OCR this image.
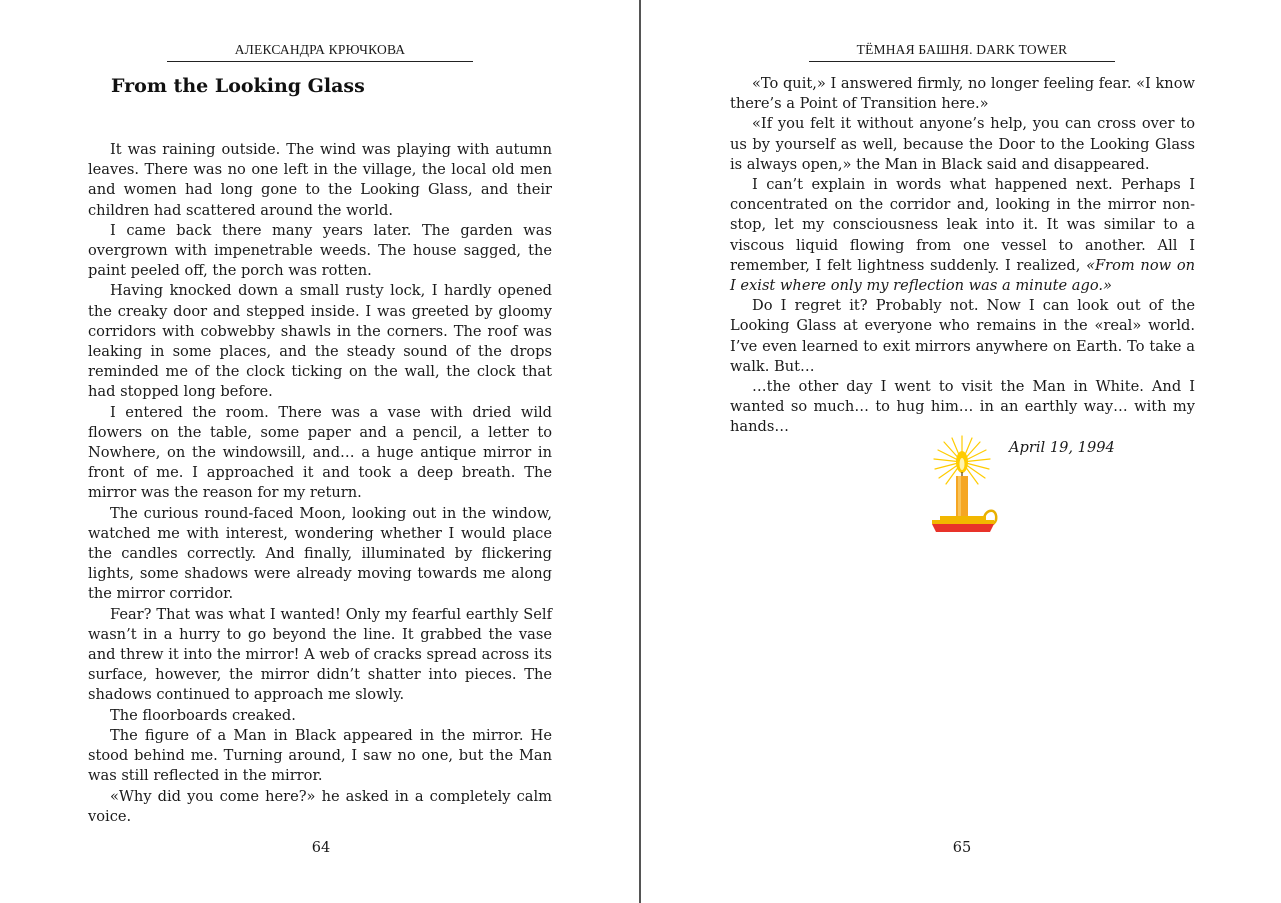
АЛЕКСАНДРА КРЮЧКОВА
From the Looking Glass

It was raining outside. The wind was playing with autumn leaves. There was no one left in the village, the local old men and women had long gone to the Looking Glass, and their children had scattered around the world.

I came back there many years later. The garden was overgrown with impenetrable weeds. The house sagged, the paint peeled off, the porch was rotten.

Having knocked down a small rusty lock, I hardly opened the creaky door and stepped inside. I was greeted by gloomy corridors with cobwebby shawls in the corners. The roof was leaking in some places, and the steady sound of the drops reminded me of the clock ticking on the wall, the clock that had stopped long before.

I entered the room. There was a vase with dried wild flowers on the table, some paper and a pencil, a letter to Nowhere, on the windowsill, and… a huge antique mirror in front of me. I approached it and took a deep breath. The mirror was the reason for my return.

The curious round-faced Moon, looking out in the window, watched me with interest, wondering whether I would place the candles correctly. And finally, illuminated by flickering lights, some shadows were already moving towards me along the mirror corridor.

Fear? That was what I wanted! Only my fearful earthly Self wasn’t in a hurry to go beyond the line. It grabbed the vase and threw it into the mirror! A web of cracks spread across its surface, however, the mirror didn’t shatter into pieces. The shadows continued to approach me slowly.

The floorboards creaked.

The figure of a Man in Black appeared in the mirror. He stood behind me. Turning around, I saw no one, but the Man was still reflected in the mirror.

«Why did you come here?» he asked in a completely calm voice.

64
ТЁМНАЯ БАШНЯ. DARK TOWER

«To quit,» I answered firmly, no longer feeling fear. «I know there’s a Point of Transition here.»

«If you felt it without anyone’s help, you can cross over to us by yourself as well, because the Door to the Looking Glass is always open,» the Man in Black said and disappeared.

I can’t explain in words what happened next. Perhaps I concentrated on the corridor and, looking in the mirror non-stop, let my consciousness leak into it. It was similar to a viscous liquid flowing from one vessel to another. All I remember, I felt lightness suddenly. I realized, «From now on I exist where only my reflection was a minute ago.»

Do I regret it? Probably not. Now I can look out of the Looking Glass at everyone who remains in the «real» world. I’ve even learned to exit mirrors anywhere on Earth. To take a walk. But…

…the other day I went to visit the Man in White. And I wanted so much… to hug him… in an earthly way… with my hands…

April 19, 1994

65
